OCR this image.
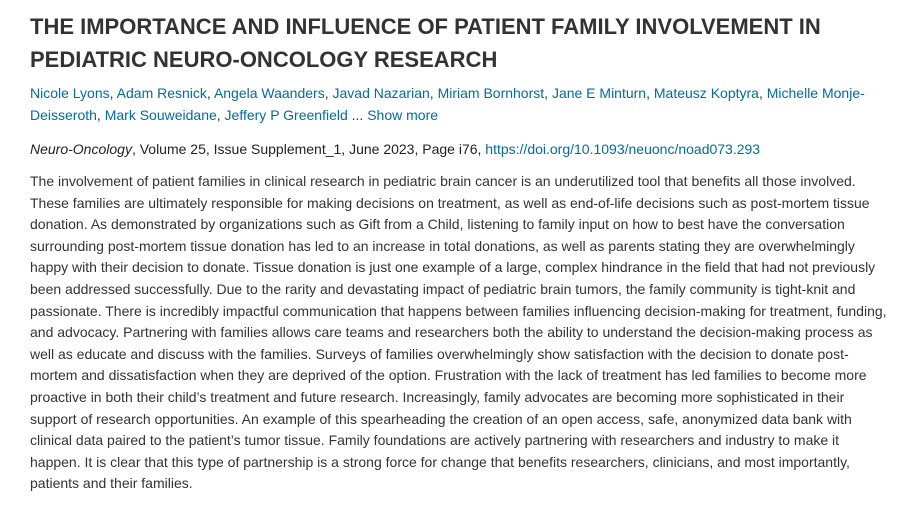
THE IMPORTANCE AND INFLUENCE OF PATIENT FAMILY INVOLVEMENT IN PEDIATRIC NEURO-ONCOLOGY RESEARCH
Nicole Lyons, Adam Resnick, Angela Waanders, Javad Nazarian, Miriam Bornhorst, Jane E Minturn, Mateusz Koptyra, Michelle Monje-Deisseroth, Mark Souweidane, Jeffery P Greenfield ... Show more
Neuro-Oncology, Volume 25, Issue Supplement_1, June 2023, Page i76, https://doi.org/10.1093/neuonc/noad073.293

The involvement of patient families in clinical research in pediatric brain cancer is an underutilized tool that benefits all those involved. These families are ultimately responsible for making decisions on treatment, as well as end-of-life decisions such as post-mortem tissue donation. As demonstrated by organizations such as Gift from a Child, listening to family input on how to best have the conversation surrounding post-mortem tissue donation has led to an increase in total donations, as well as parents stating they are overwhelmingly happy with their decision to donate. Tissue donation is just one example of a large, complex hindrance in the field that had not previously been addressed successfully. Due to the rarity and devastating impact of pediatric brain tumors, the family community is tight-knit and passionate. There is incredibly impactful communication that happens between families influencing decision-making for treatment, funding, and advocacy. Partnering with families allows care teams and researchers both the ability to understand the decision-making process as well as educate and discuss with the families. Surveys of families overwhelmingly show satisfaction with the decision to donate post-mortem and dissatisfaction when they are deprived of the option. Frustration with the lack of treatment has led families to become more proactive in both their child’s treatment and future research. Increasingly, family advocates are becoming more sophisticated in their support of research opportunities. An example of this spearheading the creation of an open access, safe, anonymized data bank with clinical data paired to the patient’s tumor tissue. Family foundations are actively partnering with researchers and industry to make it happen. It is clear that this type of partnership is a strong force for change that benefits researchers, clinicians, and most importantly, patients and their families.
